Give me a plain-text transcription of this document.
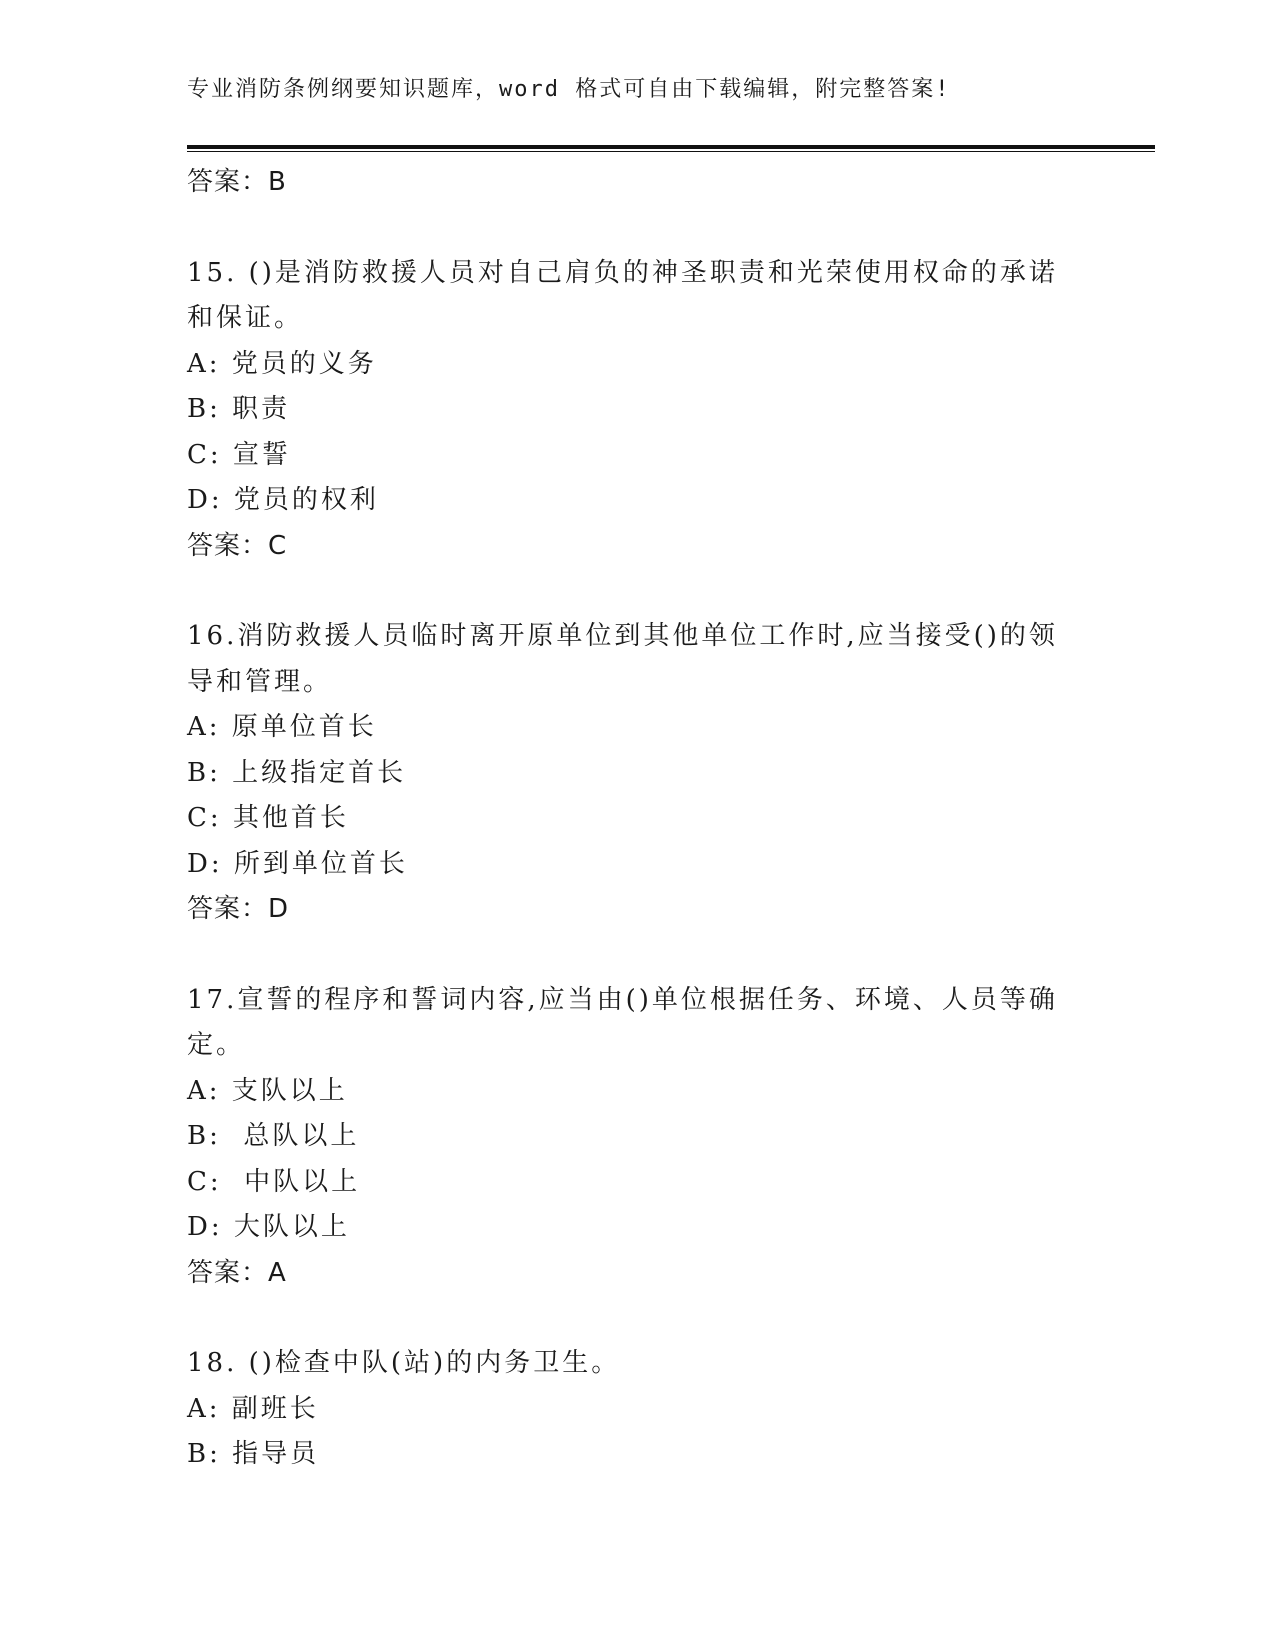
专业消防条例纲要知识题库，word 格式可自由下载编辑，附完整答案!
答案：B
15. ()是消防救援人员对自己肩负的神圣职责和光荣使用权命的承诺
和保证。
A: 党员的义务
B: 职责
C: 宣誓
D: 党员的权利
答案：C
16.消防救援人员临时离开原单位到其他单位工作时,应当接受()的领
导和管理。
A: 原单位首长
B: 上级指定首长
C: 其他首长
D: 所到单位首长
答案：D
17.宣誓的程序和誓词内容,应当由()单位根据任务、环境、人员等确
定。
A: 支队以上
B:  总队以上
C:  中队以上
D: 大队以上
答案：A
18. ()检查中队(站)的内务卫生。
A: 副班长
B: 指导员
